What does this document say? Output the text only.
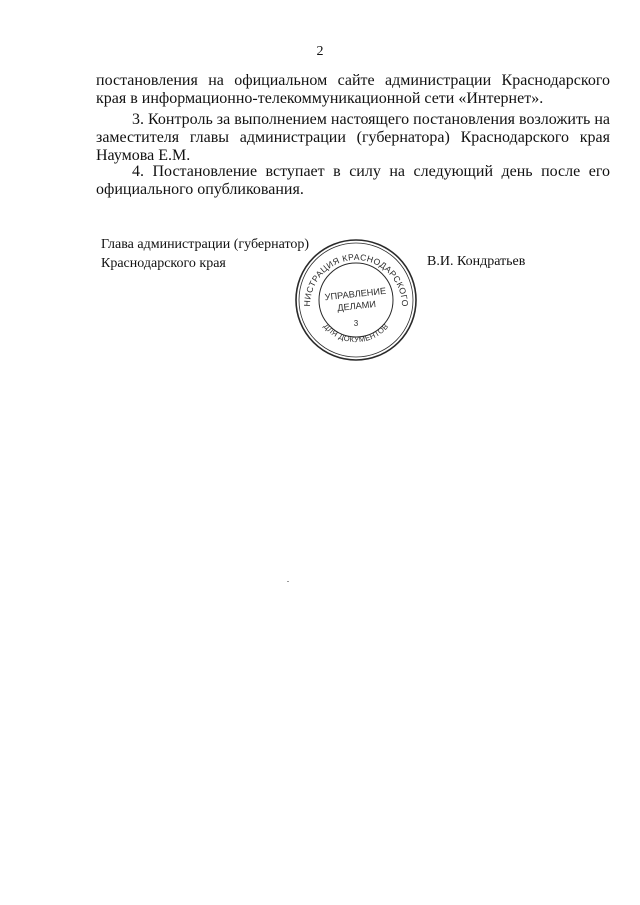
2

постановления на официальном сайте администрации Краснодарского края в информационно-телекоммуникационной сети «Интернет».

3. Контроль за выполнением настоящего постановления возложить на заместителя главы администрации (губернатора) Краснодарского края Наумова Е.М.

4. Постановление вступает в силу на следующий день после его официального опубликования.

Глава администрации (губернатор)
Краснодарского края	В.И. Кондратьев
НИСТРАЦИЯ КРАСНОДАРСКОГО
ДЛЯ ДОКУМЕНТОВ
УПРАВЛЕНИЕ
ДЕЛАМИ
3
